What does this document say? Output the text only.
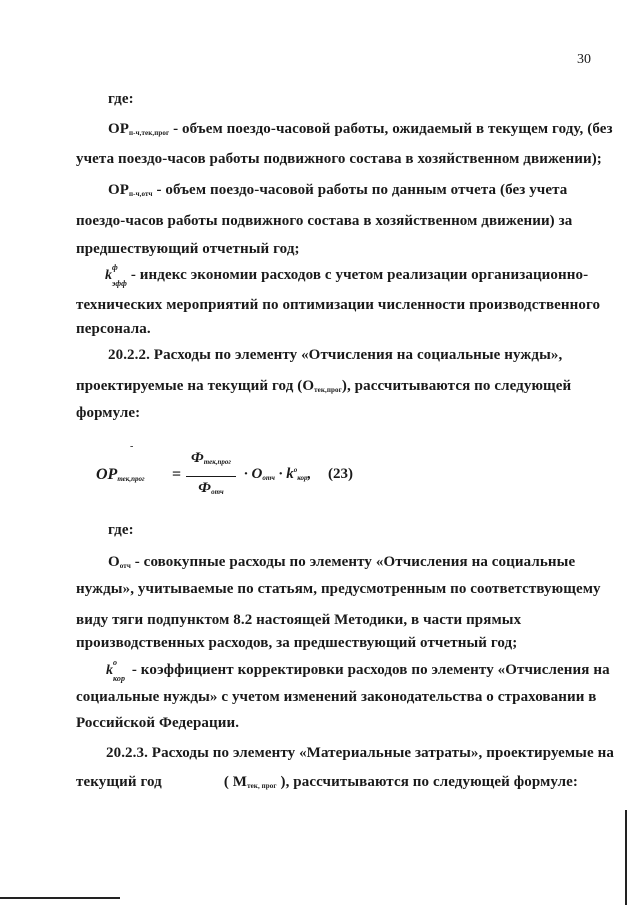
30
где:
$ОР_{п-ч,тек,прог}$ - объем поездо-часовой работы, ожидаемый в текущем году, (без
учета поездо-часов работы подвижного состава в хозяйственном движении);
$ОР_{п-ч,отч}$ - объем поездо-часовой работы по данным отчета (без учета
поездо-часов работы подвижного состава в хозяйственном движении) за
предшествующий отчетный год;
k
ф
эфф
- индекс экономии расходов с учетом реализации организационно-
технических мероприятий по оптимизации численности производственного
персонала.
20.2.2. Расходы по элементу «Отчисления на социальные нужды»,
проектируемые на текущий год $(О_{тек,прог})$, рассчитываются по следующей
формуле:
-
$OP_{тек,прог}$ =
$Ф_{тек,прог}$
$Ф_{отч}$
· $O_{отч} \cdot k^о_{кор}$, (23)
где:
$О_{отч}$ - совокупные расходы по элементу «Отчисления на социальные
нужды», учитываемые по статьям, предусмотренным по соответствующему
виду тяги подпунктом 8.2 настоящей Методики, в части прямых
производственных расходов, за предшествующий отчетный год;
k
о
кор
- коэффициент корректировки расходов по элементу «Отчисления на
социальные нужды» с учетом изменений законодательства о страховании в
Российской Федерации.
20.2.3. Расходы по элементу «Материальные затраты», проектируемые на
текущий год	( $М_{тек, прог}$ ), рассчитываются по следующей формуле:
